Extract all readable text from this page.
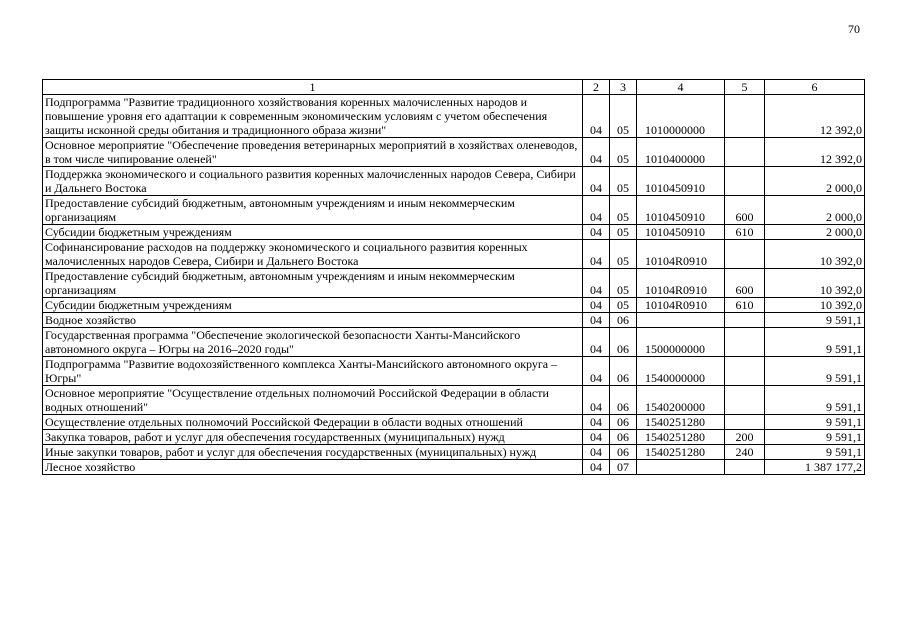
70
1	2	3	4	5	6
Подпрограмма "Развитие традиционного хозяйствования коренных малочисленных народов и повышение уровня его адаптации к современным экономическим условиям с учетом обеспечения защиты исконной среды обитания и традиционного образа жизни"	04	05	1010000000		12 392,0
Основное мероприятие "Обеспечение проведения ветеринарных мероприятий в хозяйствах оленеводов, в том числе чипирование оленей"	04	05	1010400000		12 392,0
Поддержка экономического и социального развития коренных малочисленных народов Севера, Сибири и Дальнего Востока	04	05	1010450910		2 000,0
Предоставление субсидий бюджетным, автономным учреждениям и иным некоммерческим организациям	04	05	1010450910	600	2 000,0
Субсидии бюджетным учреждениям	04	05	1010450910	610	2 000,0
Софинансирование расходов на поддержку экономического и социального развития коренных малочисленных народов Севера, Сибири и Дальнего Востока	04	05	10104R0910		10 392,0
Предоставление субсидий бюджетным, автономным учреждениям и иным некоммерческим организациям	04	05	10104R0910	600	10 392,0
Субсидии бюджетным учреждениям	04	05	10104R0910	610	10 392,0
Водное хозяйство	04	06			9 591,1
Государственная программа "Обеспечение экологической безопасности Ханты-Мансийского автономного округа – Югры на 2016–2020 годы"	04	06	1500000000		9 591,1
Подпрограмма "Развитие водохозяйственного комплекса Ханты-Мансийского автономного округа – Югры"	04	06	1540000000		9 591,1
Основное мероприятие "Осуществление отдельных полномочий Российской Федерации в области водных отношений"	04	06	1540200000		9 591,1
Осуществление отдельных полномочий Российской Федерации в области водных отношений	04	06	1540251280		9 591,1
Закупка товаров, работ и услуг для обеспечения государственных (муниципальных) нужд	04	06	1540251280	200	9 591,1
Иные закупки товаров, работ и услуг для обеспечения государственных (муниципальных) нужд	04	06	1540251280	240	9 591,1
Лесное хозяйство	04	07			1 387 177,2
